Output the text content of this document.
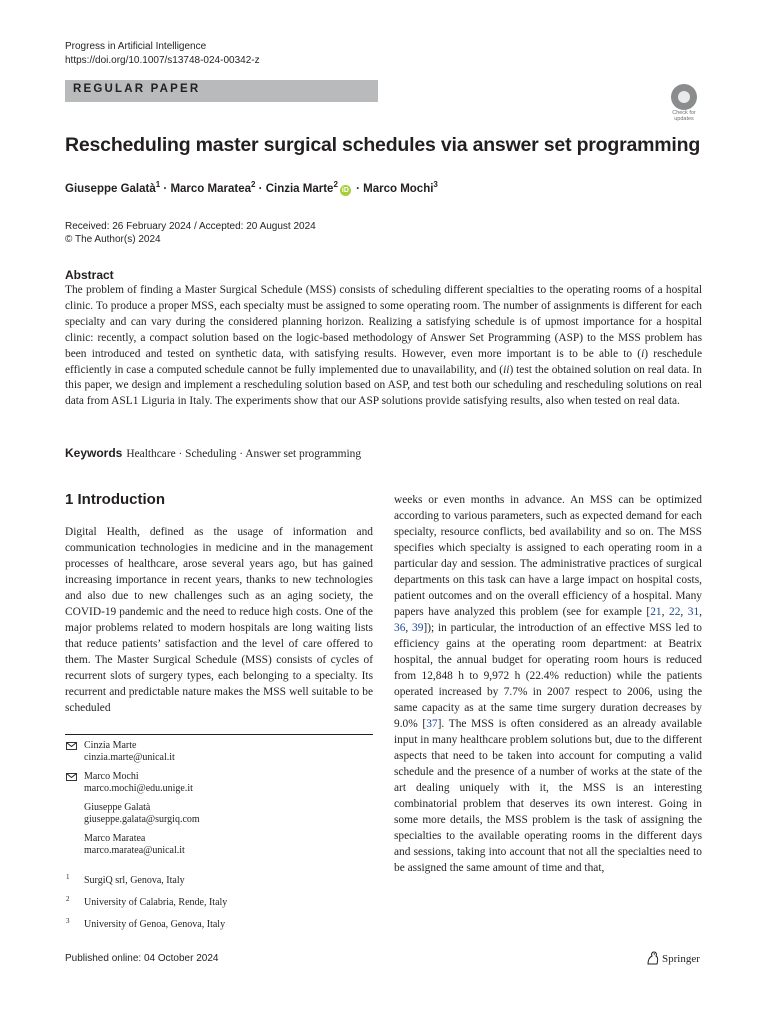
Progress in Artificial Intelligence
https://doi.org/10.1007/s13748-024-00342-z
REGULAR PAPER
Check for
updates
Rescheduling master surgical schedules via answer set programming
Giuseppe Galatà$^1$ · Marco Maratea$^2$ · Cinzia Marte$^2$iD · Marco Mochi$^3$
Received: 26 February 2024 / Accepted: 20 August 2024
© The Author(s) 2024
Abstract
The problem of finding a Master Surgical Schedule (MSS) consists of scheduling different specialties to the operating rooms of a hospital clinic. To produce a proper MSS, each specialty must be assigned to some operating room. The number of assignments is different for each specialty and can vary during the considered planning horizon. Realizing a satisfying schedule is of upmost importance for a hospital clinic: recently, a compact solution based on the logic-based methodology of Answer Set Programming (ASP) to the MSS problem has been introduced and tested on synthetic data, with satisfying results. However, even more important is to be able to (i) reschedule efficiently in case a computed schedule cannot be fully implemented due to unavailability, and (ii) test the obtained solution on real data. In this paper, we design and implement a rescheduling solution based on ASP, and test both our scheduling and rescheduling solutions on real data from ASL1 Liguria in Italy. The experiments show that our ASP solutions provide satisfying results, also when tested on real data.
Keywords Healthcare · Scheduling · Answer set programming
1 Introduction
Digital Health, defined as the usage of information and communication technologies in medicine and in the management processes of healthcare, arose several years ago, but has gained increasing importance in recent years, thanks to new technologies and also due to new challenges such as an aging society, the COVID-19 pandemic and the need to reduce high costs. One of the major problems related to modern hospitals are long waiting lists that reduce patients’ satisfaction and the level of care offered to them. The Master Surgical Schedule (MSS) consists of cycles of recurrent slots of surgery types, each belonging to a specialty. Its recurrent and predictable nature makes the MSS well suitable to be scheduled
weeks or even months in advance. An MSS can be optimized according to various parameters, such as expected demand for each specialty, resource conflicts, bed availability and so on. The MSS specifies which specialty is assigned to each operating room in a particular day and session. The administrative practices of surgical departments on this task can have a large impact on hospital costs, patient outcomes and on the overall efficiency of a hospital. Many papers have analyzed this problem (see for example [21, 22, 31, 36, 39]); in particular, the introduction of an effective MSS led to efficiency gains at the operating room department: at Beatrix hospital, the annual budget for operating room hours is reduced from 12,848 h to 9,972 h (22.4% reduction) while the patients operated increased by 7.7% in 2007 respect to 2006, using the same capacity as at the same time surgery duration decreases by 9.0% [37]. The MSS is often considered as an already available input in many healthcare problem solutions but, due to the different aspects that need to be taken into account for computing a valid schedule and the presence of a number of works at the state of the art dealing uniquely with it, the MSS is an interesting combinatorial problem that deserves its own interest. Going in some more details, the MSS problem is the task of assigning the specialties to the available operating rooms in the different days and sessions, taking into account that not all the specialties need to be assigned the same amount of time and that,
Cinzia Marte
cinzia.marte@unical.it
Marco Mochi
marco.mochi@edu.unige.it
Giuseppe Galatà
giuseppe.galata@surgiq.com
Marco Maratea
marco.maratea@unical.it
1 SurgiQ srl, Genova, Italy
2 University of Calabria, Rende, Italy
3 University of Genoa, Genova, Italy
Published online: 04 October 2024	Springer
